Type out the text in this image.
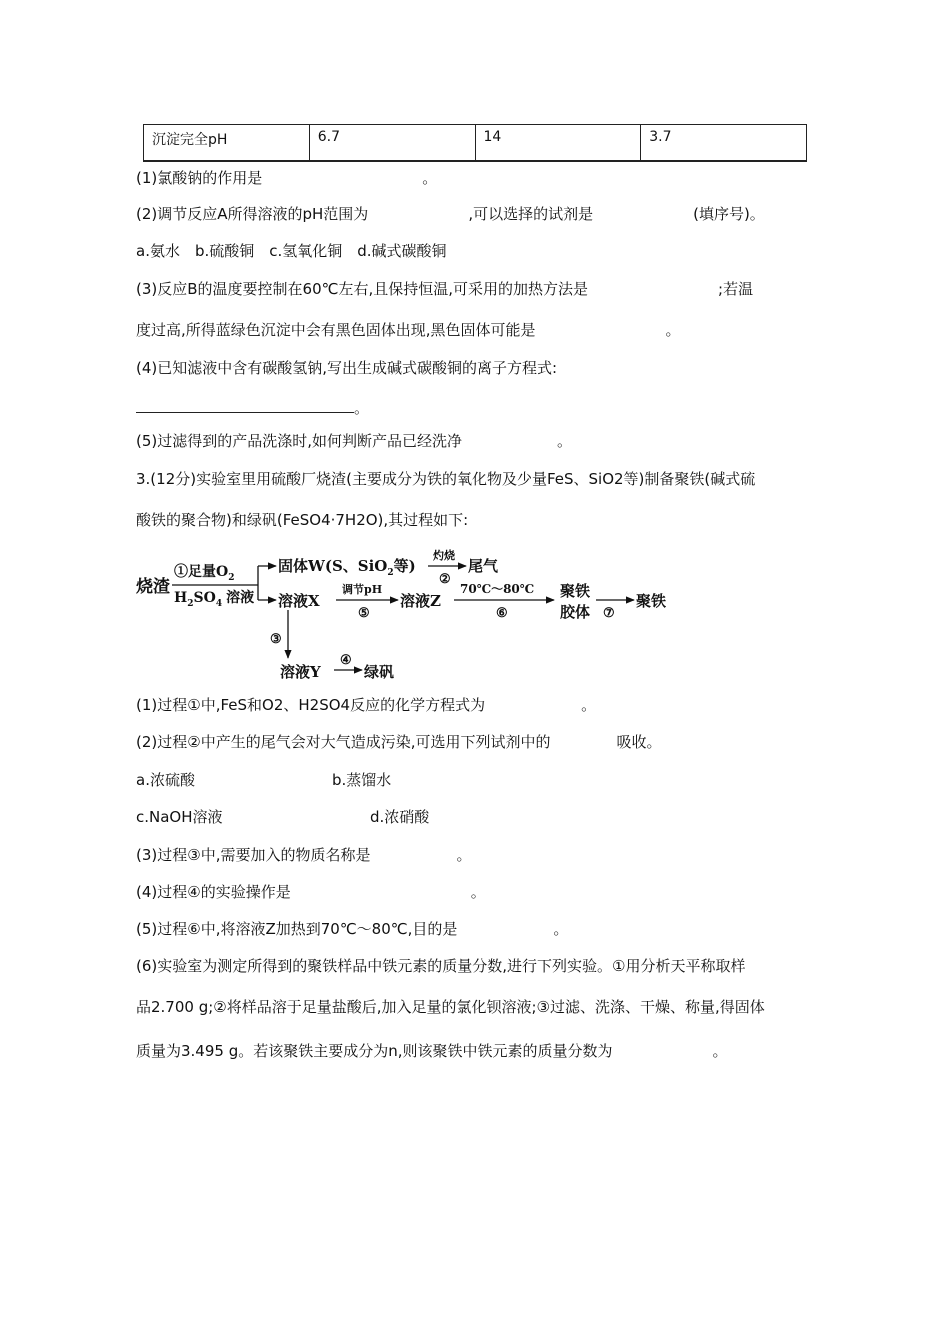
沉淀完全pH	6.7	14	3.7
(1)氯酸钠的作用是	。
(2)调节反应A所得溶液的pH范围为	,可以选择的试剂是	(填序号)。
a.氨水　b.硫酸铜　c.氢氧化铜　d.碱式碳酸铜
(3)反应B的温度要控制在60℃左右,且保持恒温,可采用的加热方法是	;若温
度过高,所得蓝绿色沉淀中会有黑色固体出现,黑色固体可能是	。
(4)已知滤液中含有碳酸氢钠,写出生成碱式碳酸铜的离子方程式:
。
(5)过滤得到的产品洗涤时,如何判断产品已经洗净	。
3.(12分)实验室里用硫酸厂烧渣(主要成分为铁的氧化物及少量FeS、SiO2等)制备聚铁(碱式硫
酸铁的聚合物)和绿矾(FeSO4·7H2O),其过程如下:
烧渣
①足量$O_2$
$H_2SO_4$ 溶液
固体W(S、SiO$_2$等)
灼烧
②
尾气
溶液X
调节pH
⑤
溶液Z
70℃～80℃
⑥
聚铁
胶体 ⑦
聚铁
③
溶液Y
④
绿矾
(1)过程①中,FeS和O2、H2SO4反应的化学方程式为	。
(2)过程②中产生的尾气会对大气造成污染,可选用下列试剂中的	吸收。
a.浓硫酸	b.蒸馏水
c.NaOH溶液	d.浓硝酸
(3)过程③中,需要加入的物质名称是	。
(4)过程④的实验操作是	。
(5)过程⑥中,将溶液Z加热到70℃～80℃,目的是	。
(6)实验室为测定所得到的聚铁样品中铁元素的质量分数,进行下列实验。①用分析天平称取样
品2.700 g;②将样品溶于足量盐酸后,加入足量的氯化钡溶液;③过滤、洗涤、干燥、称量,得固体
质量为3.495 g。若该聚铁主要成分为n,则该聚铁中铁元素的质量分数为	。
